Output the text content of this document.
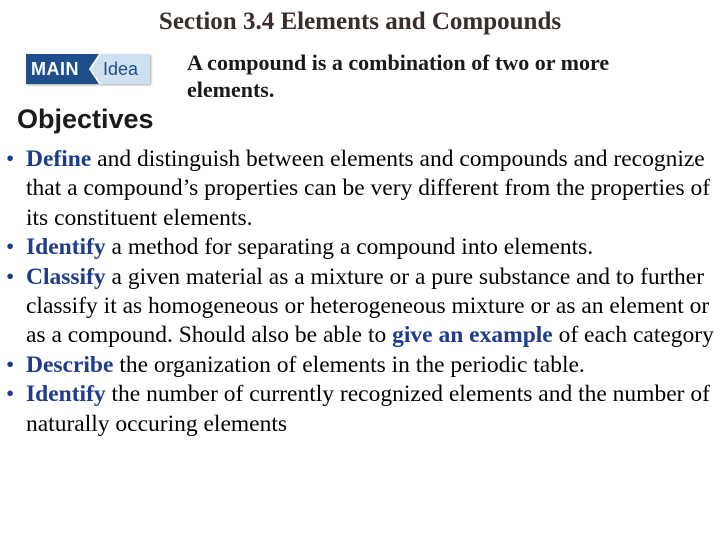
Section 3.4 Elements and Compounds
MAIN	Idea	A compound is a combination of two or more elements.
Objectives
• Define and distinguish between elements and compounds and recognize that a compound’s properties can be very different from the properties of its constituent elements.
• Identify a method for separating a compound into elements.
• Classify a given material as a mixture or a pure substance and to further classify it as homogeneous or heterogeneous mixture or as an element or as a compound. Should also be able to give an example of each category
• Describe the organization of elements in the periodic table.
• Identify the number of currently recognized elements and the number of naturally occuring elements
